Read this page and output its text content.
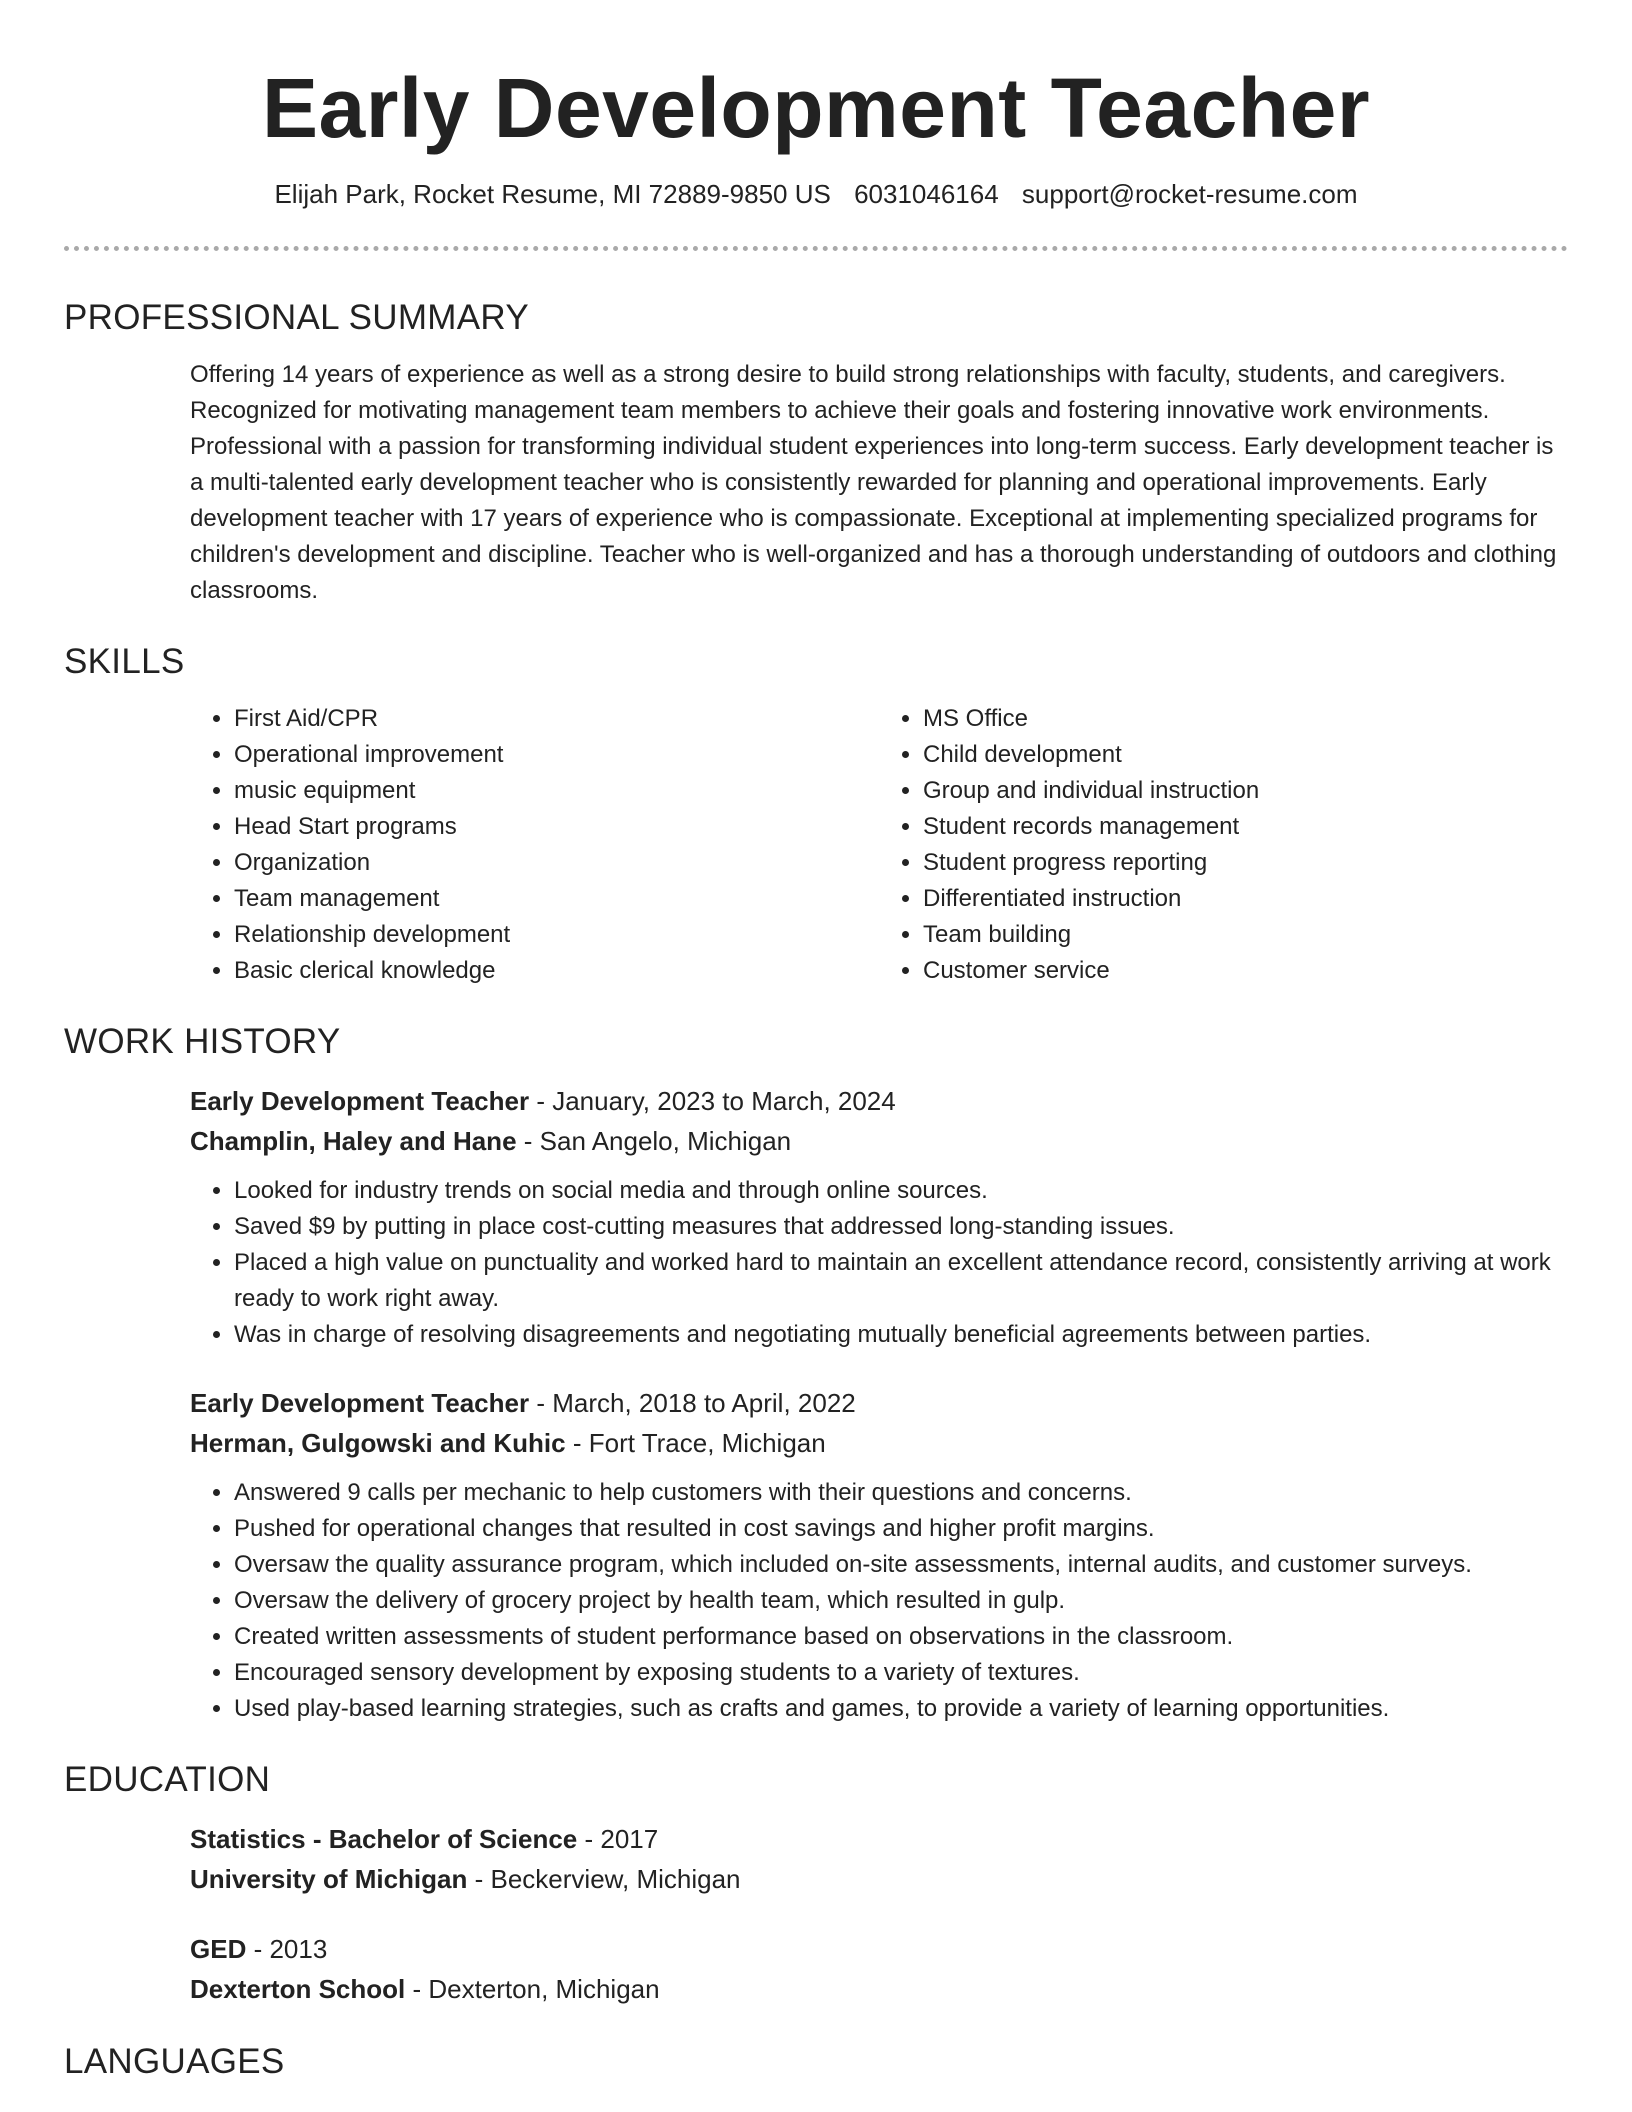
Early Development Teacher
Elijah Park, Rocket Resume, MI 72889-9850 US 6031046164 support@rocket-resume.com
PROFESSIONAL SUMMARY

Offering 14 years of experience as well as a strong desire to build strong relationships with faculty, students, and caregivers. Recognized for motivating management team members to achieve their goals and fostering innovative work environments. Professional with a passion for transforming individual student experiences into long-term success. Early development teacher is a multi-talented early development teacher who is consistently rewarded for planning and operational improvements. Early development teacher with 17 years of experience who is compassionate. Exceptional at implementing specialized programs for children's development and discipline. Teacher who is well-organized and has a thorough understanding of outdoors and clothing classrooms.

SKILLS
• First Aid/CPR
• Operational improvement
• music equipment
• Head Start programs
• Organization
• Team management
• Relationship development
• Basic clerical knowledge
• MS Office
• Child development
• Group and individual instruction
• Student records management
• Student progress reporting
• Differentiated instruction
• Team building
• Customer service
WORK HISTORY
Early Development Teacher - January, 2023 to March, 2024
Champlin, Haley and Hane - San Angelo, Michigan
• Looked for industry trends on social media and through online sources.
• Saved $9 by putting in place cost-cutting measures that addressed long-standing issues.
• Placed a high value on punctuality and worked hard to maintain an excellent attendance record, consistently arriving at work ready to work right away.
• Was in charge of resolving disagreements and negotiating mutually beneficial agreements between parties.
Early Development Teacher - March, 2018 to April, 2022
Herman, Gulgowski and Kuhic - Fort Trace, Michigan
• Answered 9 calls per mechanic to help customers with their questions and concerns.
• Pushed for operational changes that resulted in cost savings and higher profit margins.
• Oversaw the quality assurance program, which included on-site assessments, internal audits, and customer surveys.
• Oversaw the delivery of grocery project by health team, which resulted in gulp.
• Created written assessments of student performance based on observations in the classroom.
• Encouraged sensory development by exposing students to a variety of textures.
• Used play-based learning strategies, such as crafts and games, to provide a variety of learning opportunities.
EDUCATION
Statistics - Bachelor of Science - 2017
University of Michigan - Beckerview, Michigan
GED - 2013
Dexterton School - Dexterton, Michigan
LANGUAGES
